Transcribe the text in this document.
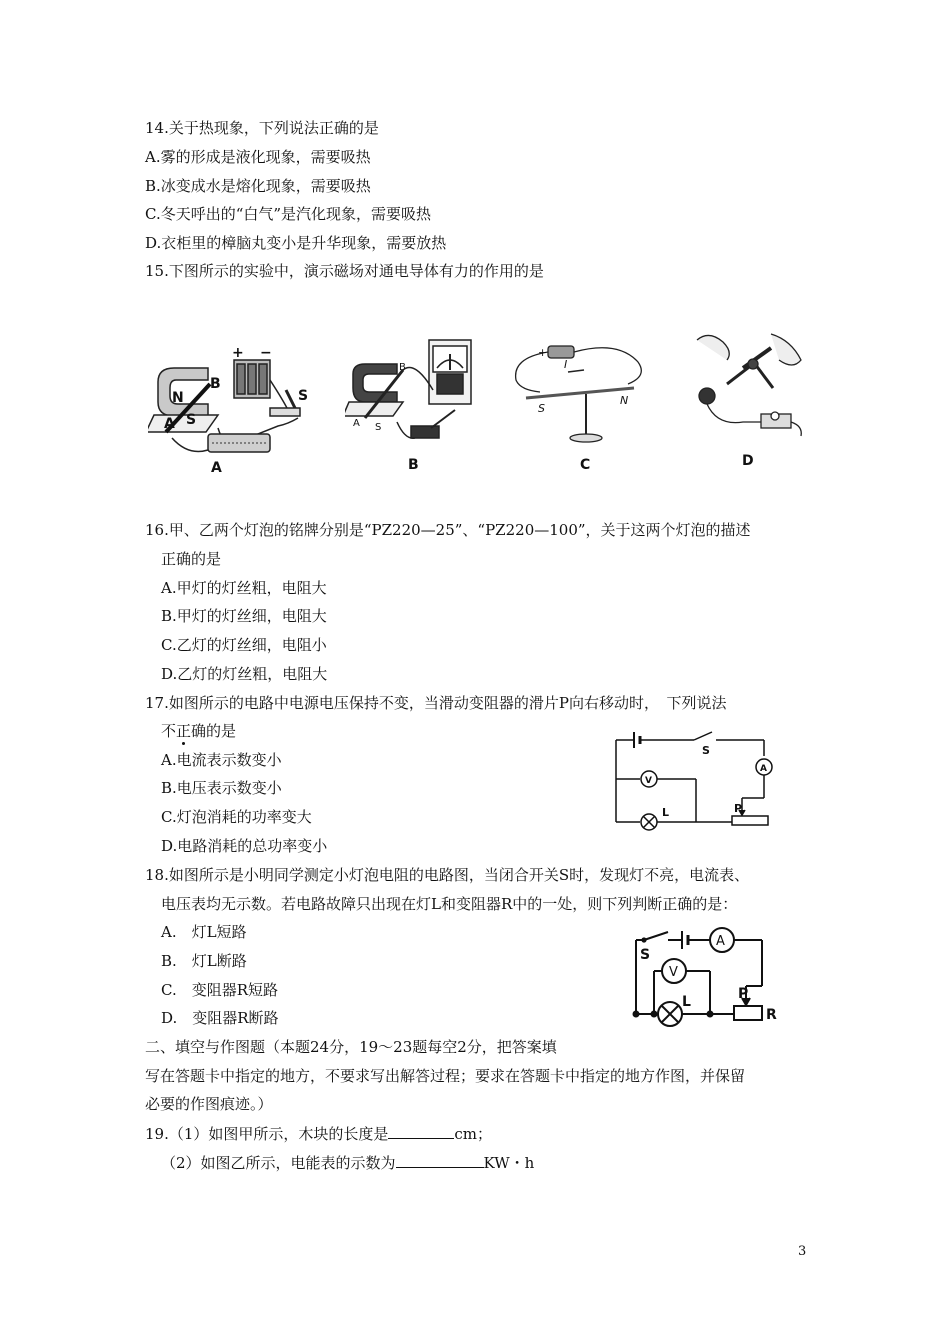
14.关于热现象，下列说法正确的是
A.雾的形成是液化现象，需要吸热
B.冰变成水是熔化现象，需要吸热
C.冬天呼出的“白气”是汽化现象，需要吸热
D.衣柜里的樟脑丸变小是升华现象，需要放热
15.下图所示的实验中，演示磁场对通电导体有力的作用的是
N
B
A S
S
+ −
A
A S
B
B
+
I
S
N
C	D
16.甲、乙两个灯泡的铭牌分别是“PZ220—25”、“PZ220—100”，关于这两个灯泡的描述
正确的是
A.甲灯的灯丝粗，电阻大
B.甲灯的灯丝细，电阻大
C.乙灯的灯丝细，电阻小
D.乙灯的灯丝粗，电阻大
17.如图所示的电路中电源电压保持不变，当滑动变阻器的滑片P向右移动时，　下列说法
不正确的是
A.电流表示数变小
B.电压表示数变小
C.灯泡消耗的功率变大
D.电路消耗的总功率变小
S
V
A
L	P
18.如图所示是小明同学测定小灯泡电阻的电路图，当闭合开关S时，发现灯不亮，电流表、
电压表均无示数。若电路故障只出现在灯L和变阻器R中的一处，则下列判断正确的是：
A.　灯L短路
B.　灯L断路
C.　变阻器R短路
D.　变阻器R断路
S
A
V
L	P
R
二、填空与作图题（本题24分，19～23题每空2分，把答案填
写在答题卡中指定的地方，不要求写出解答过程；要求在答题卡中指定的地方作图，并保留
必要的作图痕迹。）
19.（1）如图甲所示，木块的长度是	cm；
（2）如图乙所示，电能表的示数为	KW・h
3
